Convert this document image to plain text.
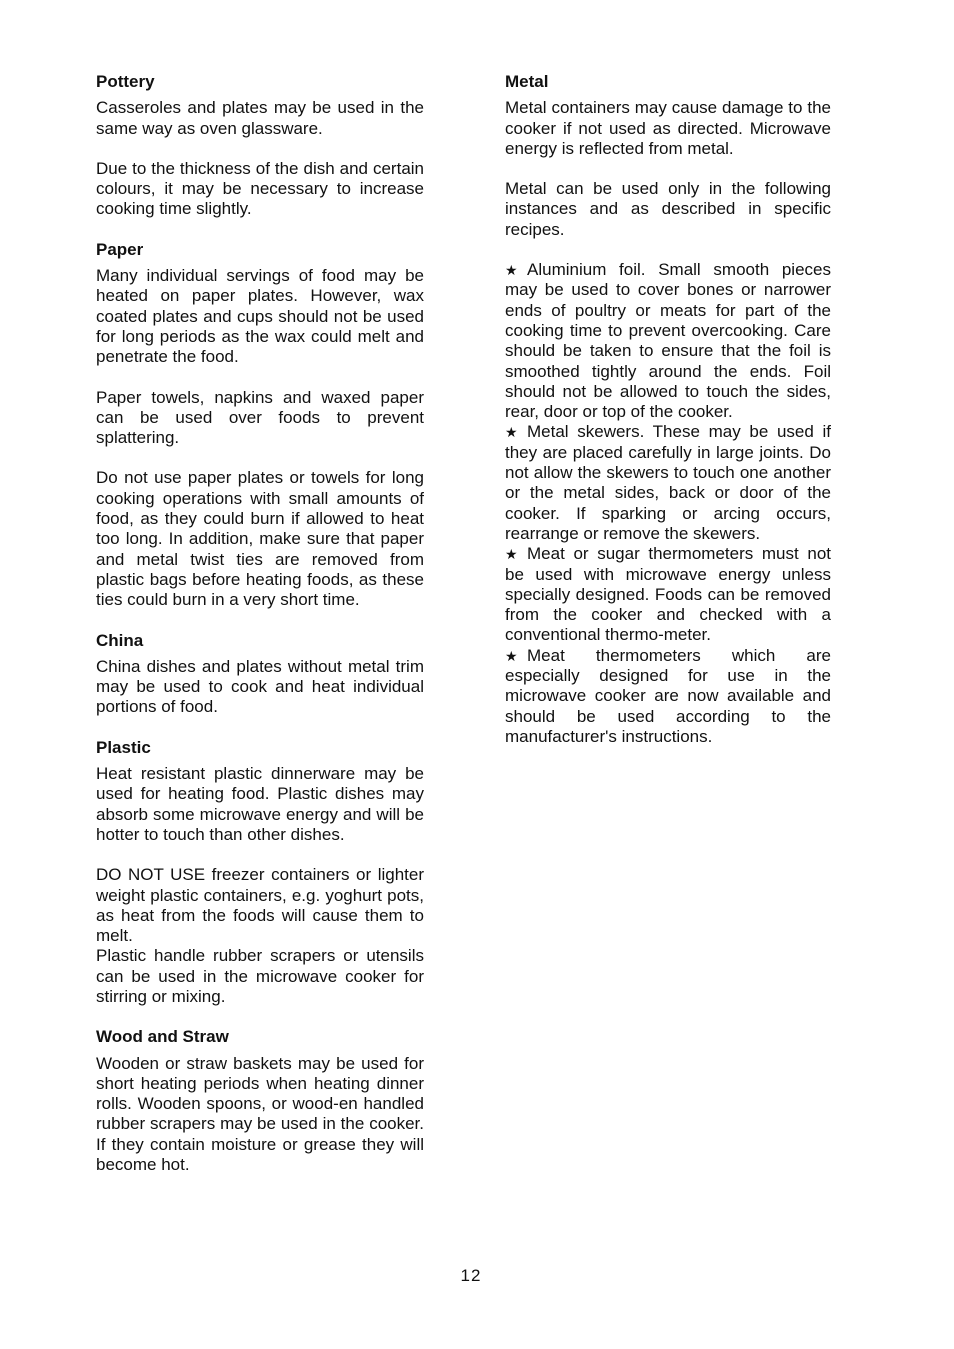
Pottery

Casseroles and plates may be used in the same way as oven glassware.

Due to the thickness of the dish and certain colours, it may be necessary to increase cooking time slightly.

Paper

Many individual servings of food may be heated on paper plates. However, wax coated plates and cups should not be used for long periods as the wax could melt and penetrate the food.

Paper towels, napkins and waxed paper can be used over foods to prevent splattering.

Do not use paper plates or towels for long cooking operations with small amounts of food, as they could burn if allowed to heat too long. In addition, make sure that paper and metal twist ties are removed from plastic bags before heating foods, as these ties could burn in a very short time.

China

China dishes and plates without metal trim may be used to cook and heat individual portions of food.

Plastic

Heat resistant plastic dinnerware may be used for heating food. Plastic dishes may absorb some microwave energy and will be hotter to touch than other dishes.

DO NOT USE freezer containers or lighter weight plastic containers, e.g. yoghurt pots, as heat from the foods will cause them to melt.

Plastic handle rubber scrapers or utensils can be used in the microwave cooker for stirring or mixing.

Wood and Straw

Wooden or straw baskets may be used for short heating periods when heating dinner rolls. Wooden spoons, or wood-en handled rubber scrapers may be used in the cooker. If they contain moisture or grease they will become hot.

Metal

Metal containers may cause damage to the cooker if not used as directed. Microwave energy is reflected from metal.

Metal can be used only in the following instances and as described in specific recipes.

★ Aluminium foil. Small smooth pieces may be used to cover bones or narrower ends of poultry or meats for part of the cooking time to prevent overcooking. Care should be taken to ensure that the foil is smoothed tightly around the ends. Foil should not be allowed to touch the sides, rear, door or top of the cooker.
★ Metal skewers. These may be used if they are placed carefully in large joints. Do not allow the skewers to touch one another or the metal sides, back or door of the cooker. If sparking or arcing occurs, rearrange or remove the skewers.
★ Meat or sugar thermometers must not be used with microwave energy unless specially designed. Foods can be removed from the cooker and checked with a conventional thermo-meter.
★ Meat thermometers which are especially designed for use in the microwave cooker are now available and should be used according to the manufacturer's instructions.
12
